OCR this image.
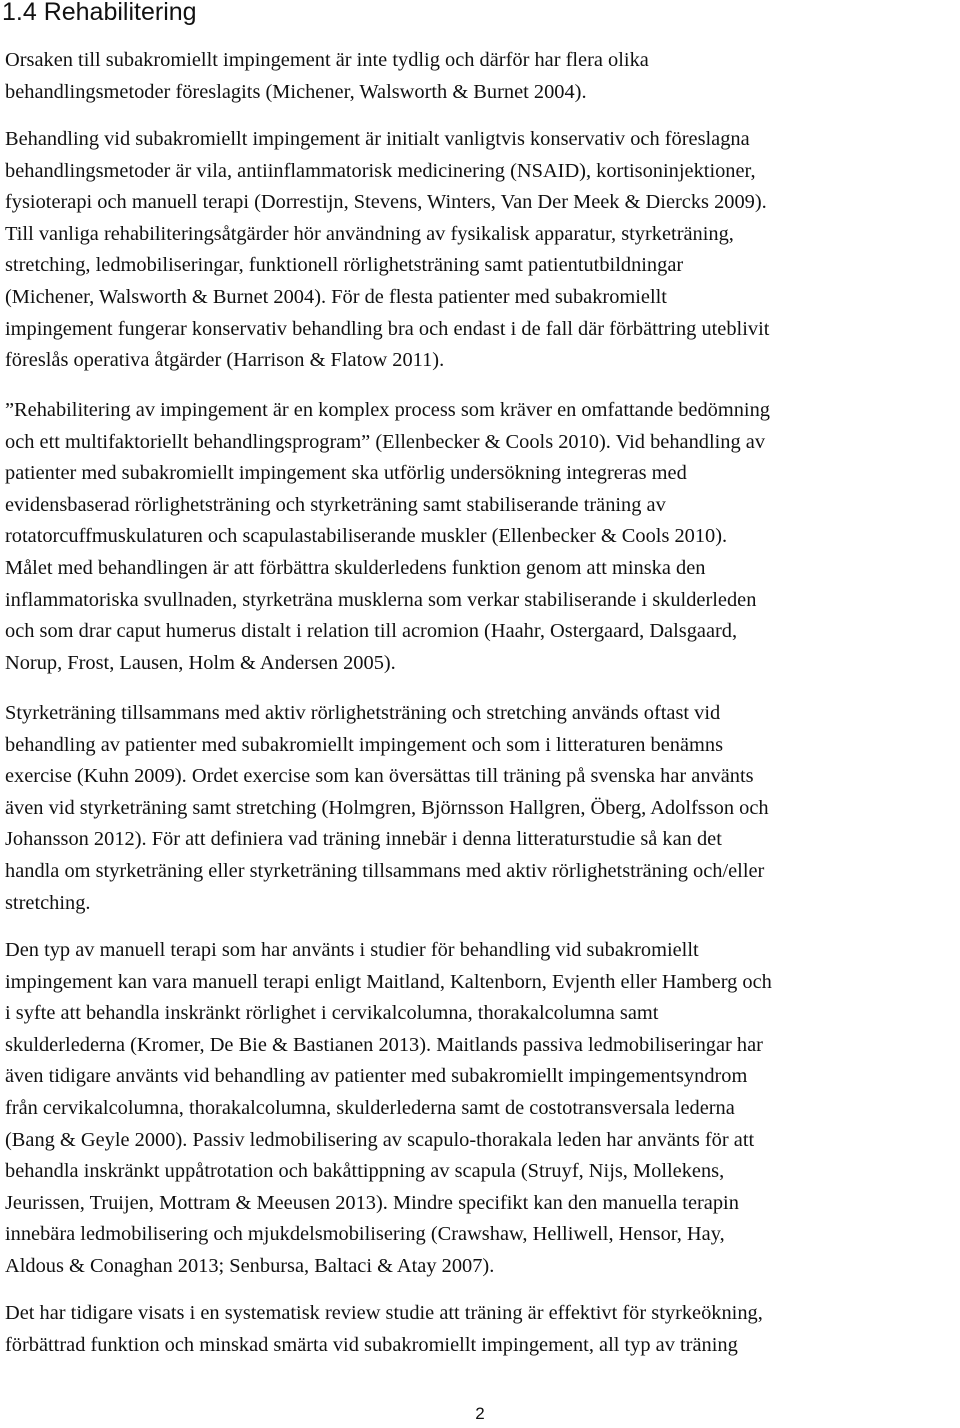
1.4 Rehabilitering
Orsaken till subakromiellt impingement är inte tydlig och därför har flera olika
behandlingsmetoder föreslagits (Michener, Walsworth & Burnet 2004).
Behandling vid subakromiellt impingement är initialt vanligtvis konservativ och föreslagna
behandlingsmetoder är vila, antiinflammatorisk medicinering (NSAID), kortisoninjektioner,
fysioterapi och manuell terapi (Dorrestijn, Stevens, Winters, Van Der Meek & Diercks 2009).
Till vanliga rehabiliteringsåtgärder hör användning av fysikalisk apparatur, styrketräning,
stretching, ledmobiliseringar, funktionell rörlighetsträning samt patientutbildningar
(Michener, Walsworth & Burnet 2004). För de flesta patienter med subakromiellt
impingement fungerar konservativ behandling bra och endast i de fall där förbättring uteblivit
föreslås operativa åtgärder (Harrison & Flatow 2011).
”Rehabilitering av impingement är en komplex process som kräver en omfattande bedömning
och ett multifaktoriellt behandlingsprogram” (Ellenbecker & Cools 2010). Vid behandling av
patienter med subakromiellt impingement ska utförlig undersökning integreras med
evidensbaserad rörlighetsträning och styrketräning samt stabiliserande träning av
rotatorcuffmuskulaturen och scapulastabiliserande muskler (Ellenbecker & Cools 2010).
Målet med behandlingen är att förbättra skulderledens funktion genom att minska den
inflammatoriska svullnaden, styrketräna musklerna som verkar stabiliserande i skulderleden
och som drar caput humerus distalt i relation till acromion (Haahr, Ostergaard, Dalsgaard,
Norup, Frost, Lausen, Holm & Andersen 2005).
Styrketräning tillsammans med aktiv rörlighetsträning och stretching används oftast vid
behandling av patienter med subakromiellt impingement och som i litteraturen benämns
exercise (Kuhn 2009). Ordet exercise som kan översättas till träning på svenska har använts
även vid styrketräning samt stretching (Holmgren, Björnsson Hallgren, Öberg, Adolfsson och
Johansson 2012). För att definiera vad träning innebär i denna litteraturstudie så kan det
handla om styrketräning eller styrketräning tillsammans med aktiv rörlighetsträning och/eller
stretching.
Den typ av manuell terapi som har använts i studier för behandling vid subakromiellt
impingement kan vara manuell terapi enligt Maitland, Kaltenborn, Evjenth eller Hamberg och
i syfte att behandla inskränkt rörlighet i cervikalcolumna, thorakalcolumna samt
skulderlederna (Kromer, De Bie & Bastianen 2013). Maitlands passiva ledmobiliseringar har
även tidigare använts vid behandling av patienter med subakromiellt impingementsyndrom
från cervikalcolumna, thorakalcolumna, skulderlederna samt de costotransversala lederna
(Bang & Geyle 2000). Passiv ledmobilisering av scapulo-thorakala leden har använts för att
behandla inskränkt uppåtrotation och bakåttippning av scapula (Struyf, Nijs, Mollekens,
Jeurissen, Truijen, Mottram & Meeusen 2013). Mindre specifikt kan den manuella terapin
innebära ledmobilisering och mjukdelsmobilisering (Crawshaw, Helliwell, Hensor, Hay,
Aldous & Conaghan 2013; Senbursa, Baltaci & Atay 2007).
Det har tidigare visats i en systematisk review studie att träning är effektivt för styrkeökning,
förbättrad funktion och minskad smärta vid subakromiellt impingement, all typ av träning
2
